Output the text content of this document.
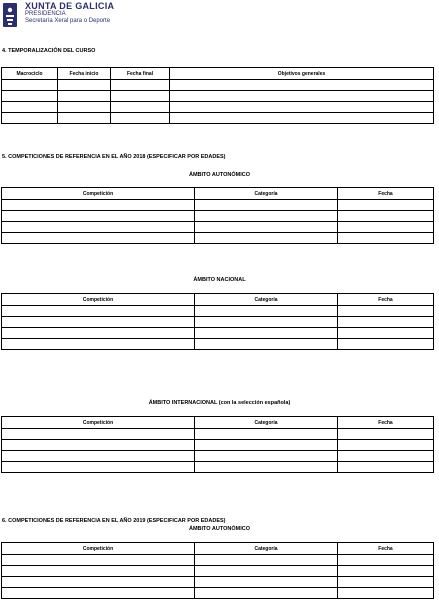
XUNTA DE GALICIA
PRESIDENCIA
Secretaría Xeral para o Deporte
4. TEMPORALIZACIÓN DEL CURSO
Macrociclo	Fecha inicio	Fecha final	Objetivos generales

5. COMPETICIONES DE REFERENCIA EN EL AÑO 2018 (ESPECIFICAR POR EDADES)
ÁMBITO AUTONÓMICO
Competición	Categoría	Fecha

ÁMBITO NACIONAL
Competición	Categoría	Fecha

ÁMBITO INTERNACIONAL (con la selección española)
Competición	Categoría	Fecha

6. COMPETICIONES DE REFERENCIA EN EL AÑO 2019 (ESPECIFICAR POR EDADES)
ÁMBITO AUTONÓMICO
Competición	Categoría	Fecha
